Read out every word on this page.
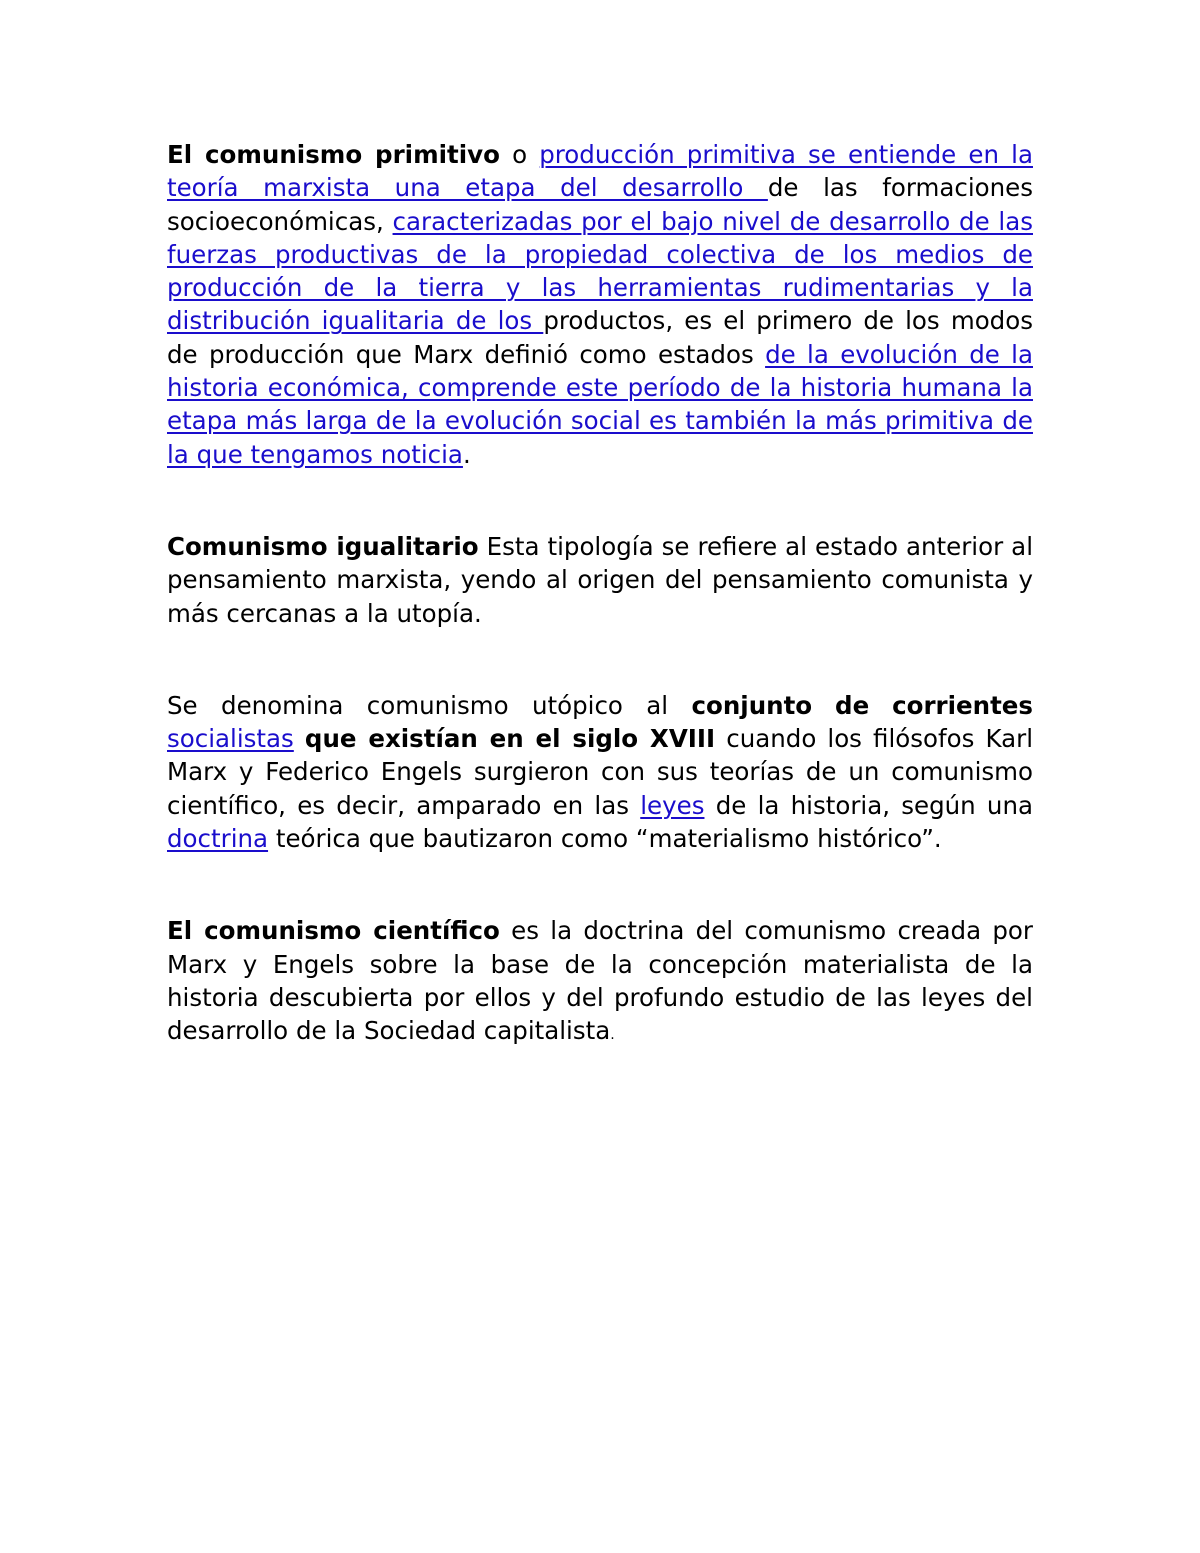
El comunismo primitivo o producción primitiva se entiende en la teoría marxista una etapa del desarrollo de las formaciones socioeconómicas, caracterizadas por el bajo nivel de desarrollo de las fuerzas productivas de la propiedad colectiva de los medios de producción de la tierra y las herramientas rudimentarias y la distribución igualitaria de los productos, es el primero de los modos de producción que Marx definió como estados de la evolución de la historia económica, comprende este período de la historia humana la etapa más larga de la evolución social es también la más primitiva de la que tengamos noticia.

Comunismo igualitario Esta tipología se refiere al estado anterior al pensamiento marxista, yendo al origen del pensamiento comunista y más cercanas a la utopía.

Se denomina comunismo utópico al conjunto de corrientes socialistas que existían en el siglo XVIII cuando los filósofos Karl Marx y Federico Engels surgieron con sus teorías de un comunismo científico, es decir, amparado en las leyes de la historia, según una doctrina teórica que bautizaron como “materialismo histórico”.

El comunismo científico es la doctrina del comunismo creada por Marx y Engels sobre la base de la concepción materialista de la historia descubierta por ellos y del profundo estudio de las leyes del desarrollo de la Sociedad capitalista.
